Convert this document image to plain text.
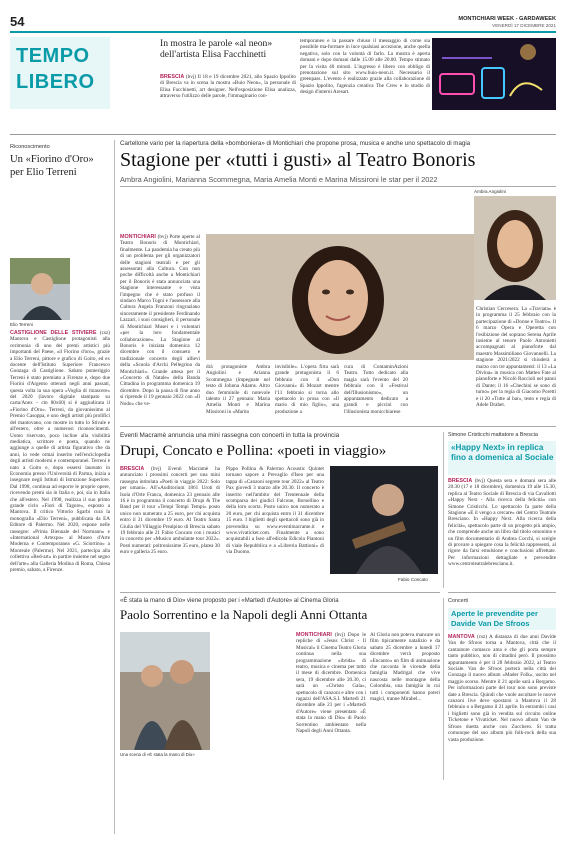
54	MONTICHIARI WEEK - GARDAWEEK
VENERDÌ 17 DICEMBRE 2021
TEMPO
LIBERO
In mostra le parole «al neon» dell'artista Elisa Facchinetti
BRESCIA (bvj) Il 18 e 19 dicembre 2021, allo Spazio Ippolito di Brescia va in scena la mostra «Buio Neon», la personale di Elisa Facchinetti, art designer. Nell'esposizione Elisa analizza, attraverso l'utilizzo delle parole, l'immaginario con-
temporaneo e la passare chiuso il messaggio di come sia possibile ma-formare in luce qualsiasi accezione, anche quella negativa, solo con la volontà di farlo. La mostra è aperta domani e dopo domani dalle 15.00 alle 20.00. Tempo stimato per la visita 40 minuti. L'ingresso è libero con obbligo di prenotazione sul sito www.buio-neon.it. Necessario il greenpass. L'evento è realizzato grazie alla collaborazione di Spazio Ippolito, l'agenzia creativa The Crew e lo studio di design d'interni Aresart.
Riconoscimento
Un «Fiorino d'Oro» per Elio Terreni
Elio Terreni
CASTIGLIONE DELLE STIVIERE (csz) Mantova e Castiglione protagonisti alla cerimonia di uno dei premi artistici più importanti del Paese, «il Fiorino d'oro», grazie a Elio Terreni, pittore e grafico di Goito, ed ex docente dell'Istituto Superiore Francesco Gonzaga di Castiglione. Sabato pomeriggio Terreni è stato premiato a Firenze e, dopo due Fiorini d'Argento ottenuti negli anni passati, questa volta la sua opera «Voglia di rinascere» del 2020 (lavoro digitale stampato su carta/Anex – cm 80x60) si è aggiudicata il «Fiorino d'Oro». Terreni, da giovanissimo al Premio Casoppa, e uno degli artisti più prolifici del mantovano, con mostre in tutto lo Stivale e all'estero, oltre a numerosi riconoscimenti. Uomo riservato, poco incline alla visibilità mediatica, scrittore e poeta, quando ne aggiunge a quelle di artista figurativo che da anni, lo vede ormai inserito nell'enciclopedia degli artisti moderni e contemporanei. Terreni è nato a Goito e, dopo essersi laureato in Economia presso l'Università di Parma, inizia a insegnare negli Istituti di Istruzione Superiore. Dal 1998, continua ad esporre le proprie opere, ricevendo premi sia in Italia e, poi, sia in Italia che all'estero. Nel 1998, realizza il suo primo grande ciclo «Fiori di Tagore», esposto a Mantova. Il critico Vittorio Sgarbi cura la monografia «Elio Terreni», pubblicata da EA Editore di Palermo. Nel 2020, espone nelle rassegne: «Prima Biennale del Normann» e «International Artexpo» al Museo d'Arte Moderna e Contemporanea «G. Sciortino» a Monreale (Palermo). Nel 2021, partecipa alla collettiva «Red-art» in partire insieme nel segno dell'arte» alla Galleria Modina di Roma, Chiesa premio, sabato, a Firenze.
Cartellone vario per la riapertura della «bomboniera» di Montichiari che propone prosa, musica e anche uno spettacolo di magia
Stagione per «tutti i gusti» al Teatro Bonoris
Ambra Angiolini, Marianna Scommegna, Maria Amelia Monti e Marina Missironi le star per il 2022
MONTICHIARI (bvj) Porte aperte al Teatro Bonoris di Montichiari, finalmente. La pandemia ha creato più di un problema per gli organizzatori delle stagioni teatrali e per gli assessorati alla Cultura. Con non poche difficoltà anche a Montichiari per il Bonoris è stata annunciata una Stagione interessante e vista l'impegno che è stato profuso il sindaco Marco Togni e l'assessore alla Cultura Angela Franzoni ringraziano sinceramente il presidente Ferdinando Lazzari, i suoi consiglieri, il personale di Montichiari Musei e i volontari «per la loro fondamentale collaborazione». La Stagione al Bonoris è iniziata domenica 12 dicembre con il consueto e tradizionale concerto degli allievi della «Scuola d'Archi Pellegrino da Montichiari». Grande attesa per il «Concerto di Natale» della Banda Cittadina in programma domenica 19 dicembre. Dopo la pausa di fine anno si riprende il 19 gennaio 2022 con «Il Nodo» che ve-
drà protagoniste Ambra Angiolini e Arianna Scommegna (impegnate nel testo di Johnna Adams. Altro duo femminile di notevole talento il 27 gennaio: Maria Amelia Monti e Marina Missironi in «Marito
invisibile». L'opera firta sarà grande protagonista il 6 febbraio con il «Don Giovanni» di Mozart mentre l'11 febbraio si torna allo spettacolo in prosa con «Il mario di mio figlio», una produzione a
cura di ContaminAzioni Teatro. Tutto dedicato alla magia sarà l'evento del 20 febbraio con il «Festival dell'Illusionismo», un appuntamento dedicato a grandi e piccini con l'illusionista monicchiarese
Ambra Angiolini
Christian Cercesera. La «Traviata» è in programma il 25 febbraio con la partecipazione di «Donne e Teatro». Il 6 marzo Opera e Operetta con l'esibizione del soprano Serena Aprile insieme al tenore Paolo Antonietti accompagnati al pianoforte dal maestro Massimiliano Giovannelli. La stagione 2021/2022 si chiuderà a marzo con tre appuntamenti: il 13 «La Divina» in musica con Matteo Fate al pianoforte e Nicolò Raccioli nel panni di Dante; il 16 «Chechini se sono di turno» per la regia di Giacomo Poretti e il 20 «Tutte al bar», testo e regia di Adele Drabet.
Eventi Macramè annuncia una mini rassegna con concerti in tutta la provincia
Drupi, Concato e Pollina: «poeti in viaggio»
BRESCIA (bvj) Eventi Macramè ha annunciato i prossimi concerti per una mini rassegna intitolata «Poeti in viaggio 2022: Solo per umani». All'«Auditorium 1861 Uroti di Isola d'Orte Franca, domenica 23 gennaio alle 16 è in programma il concerto di Drupi & The Band per il tour «Tempi Tempi Tempi» posto unico non numerato a 25 euro, per chi acquista entro il 31 dicembre 19 euro. Al Teatro Santa Giulia del Villaggio Prealpino di Brescia sabato 19 febbraio alle 21 Fabio Concato con i musici in concerto per «Musico ambulante tour 2022». Posti numerati: poltronissime 35 euro, platea 30 euro e galleria 25 euro.
Pippo Pollina & Palermo Acoustic Quintet tornano sapore a Prevaglio d'Iseo per una tappa di «Canzoni segrete tour 2022» al Teatro Pax giovedì 3 marzo alle 20.30. Il concerto è inserito nell'ambito del Trentennale della scomparsa dei giudici Falcone, Borsellino e della loro scorta. Posto unico non numerato a 20 euro, per chi acquista entro il 31 dicembre 15 euro. I biglietti degli spettacoli sono già in prevendita su www.eventimacrame.it e www.vivaticket.com. Finalmente a sono acquistabili a Iseo all'edicola Edicola Piantoni di viale Repubblica e a «Libreria Battioni» di via Duomo.
Fabio Concato
Simone Cristicchi mattatore a Brescia
«Happy Next» in replica fino a domenica al Sociale
BRESCIA (bvj) Questa sera e domani sera alle 20.30 (17 e 18 dicembre), domenica 19 alle 15.30, replica al Teatro Sociale di Brescia di via Cavallotti «Happy Next - Alla ricerca della felicità» con Simone Cristicchi. Lo spettacolo fa parte della Stagione «E il vengo a cercare» del Centro Teatrale Bresciano. In «Happy Next. Alla ricerca della felicità», spettacolo parte di un progetto più ampio, che comprende anche un libro dal titolo omonimo e un film documentario di Andrea Cocchi, si scelgle di provare a spiegare cosa la felicità rappresenti, al rigore da farsi emulsione e conclusioni affrettate. Per informazioni dettagliate e prevendite www.centroteatralebresciano.it.
«È stata la mano di Dio» viene proposto per i «Martedì d'Autore» al Cinema Gloria
Paolo Sorrentino e la Napoli degli Anni Ottanta
Una scena di «È stata la mano di Dio»
MONTICHIARI (bvj) Dopo le repliche di «Jesus Christ - Il Musical» il Cinema Teatro Gloria continua nella sua programmazione «ibrida» di teatro, musica e cinema per tutto il mese di dicembre. Domenica sera, 19 dicembre alle 20.30, ci sarà un «Christo Gala», spettacolo di canzoni e altre con i ragazzi dell'ASA.S.I. Martedì 21 dicembre alle 21 per i «Martedì d'Autore» viene presentato «È stata la mano di Dio» di Paolo Sorrentino ambientato nella Napoli degli Anni Ottanta.
Al Gloria non poteva mancare un film tipicamente natalizio e da sabato 25 dicembre a lunedì 17 dicembre verrà proposto «Encanto» un film di animazione che racconta le vicende della famiglia Madrigal che vive nascosta nelle montagne della Colombia, una famiglia in cui tutti i componenti hanno poteri magici, tranne Mirabel...
Concerti
Aperte le prevendite per Davide Van De Sfroos
MANTOVA (csz) A distanza di due anni Davide Van de Sfroos torna a Mantova, città che il cantautore comasco ama e che gli porta sempre tanto pubblico, non di cittadini però. Il prossimo appuntamento è per il 28 febbraio 2022, al Teatro Sociale. Van de Sfroos porterà nella città dei Gonzaga il nuovo album «Mader Folk», uscito nel maggio scorso. Mentre il 21 aprile sarà a Bergamo. Per informazioni parte del tour non sono previste date a Brescia. Quindi che vuole ascoltare le nuove canzoni live deve spostarsi a Mantova il 28 febbraio o a Bergamo il 21 aprile. In entrambi i casi i biglietti sono già in vendita sul circuito online Ticketone e Vivaticket. Nel nuovo album Van de Sfroos duetta anche con Zucchero. Si tratta comunque del suo album più folk-rock della sua vasta produzione.
